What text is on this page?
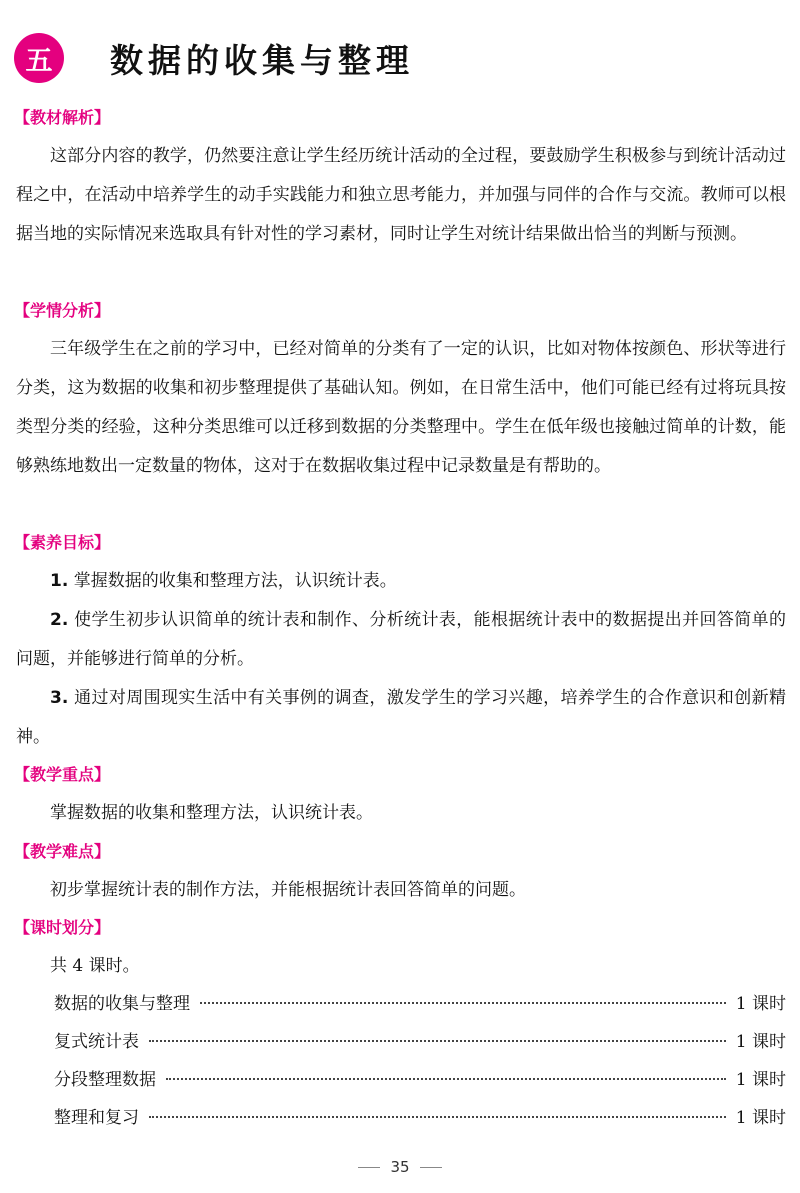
五	数据的收集与整理
【教材解析】

这部分内容的教学，仍然要注意让学生经历统计活动的全过程，要鼓励学生积极参与到统计活动过程之中，在活动中培养学生的动手实践能力和独立思考能力，并加强与同伴的合作与交流。教师可以根据当地的实际情况来选取具有针对性的学习素材，同时让学生对统计结果做出恰当的判断与预测。

【学情分析】

三年级学生在之前的学习中，已经对简单的分类有了一定的认识，比如对物体按颜色、形状等进行分类，这为数据的收集和初步整理提供了基础认知。例如，在日常生活中，他们可能已经有过将玩具按类型分类的经验，这种分类思维可以迁移到数据的分类整理中。学生在低年级也接触过简单的计数，能够熟练地数出一定数量的物体，这对于在数据收集过程中记录数量是有帮助的。

【素养目标】

1. 掌握数据的收集和整理方法，认识统计表。

2. 使学生初步认识简单的统计表和制作、分析统计表，能根据统计表中的数据提出并回答简单的问题，并能够进行简单的分析。

3. 通过对周围现实生活中有关事例的调查，激发学生的学习兴趣，培养学生的合作意识和创新精神。

【教学重点】

掌握数据的收集和整理方法，认识统计表。

【教学难点】

初步掌握统计表的制作方法，并能根据统计表回答简单的问题。

【课时划分】

共 4 课时。

数据的收集与整理	1 课时
复式统计表	1 课时
分段整理数据	1 课时
整理和复习	1 课时
35
